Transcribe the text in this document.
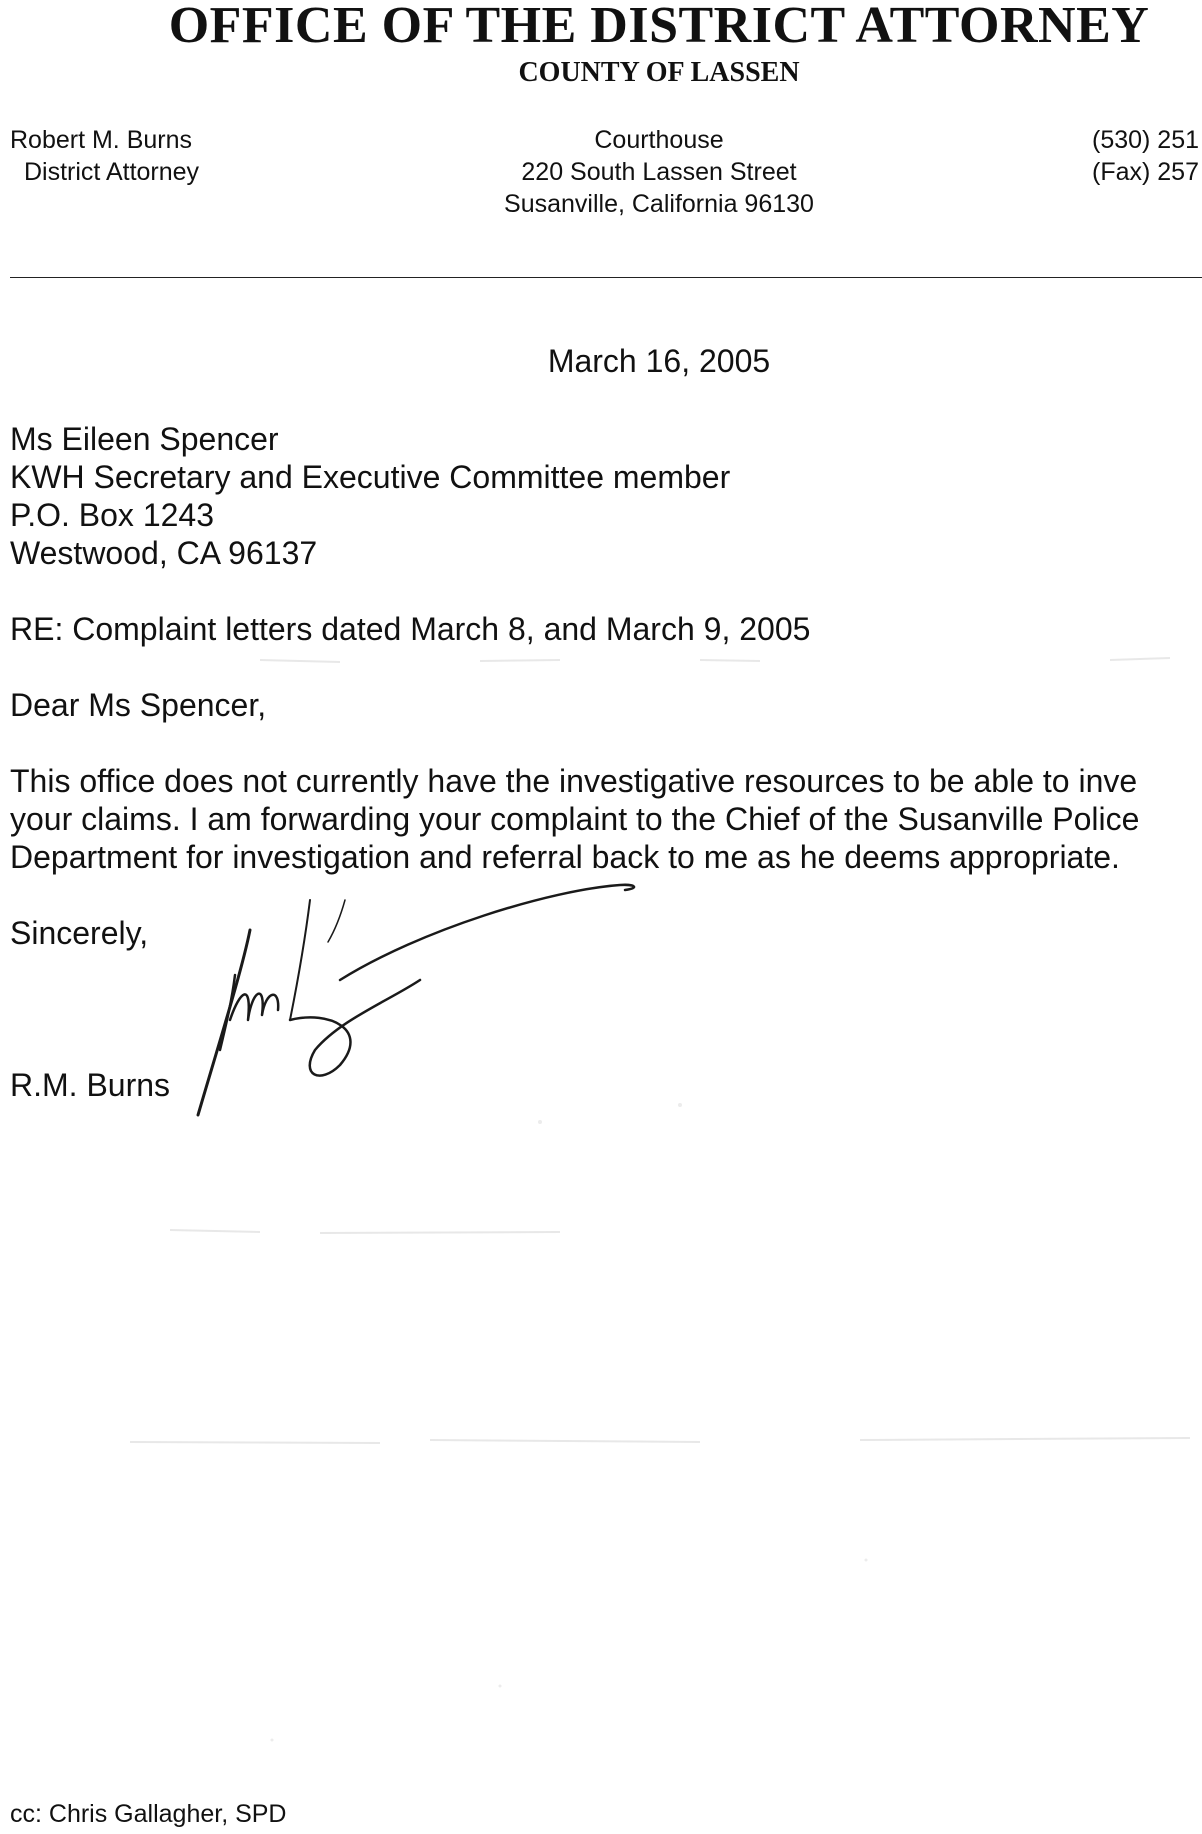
OFFICE OF THE DISTRICT ATTORNEY
COUNTY OF LASSEN
Robert M. Burns
District Attorney
Courthouse
220 South Lassen Street
Susanville, California 96130
(530) 251
(Fax) 257
March 16, 2005
Ms Eileen Spencer
KWH Secretary and Executive Committee member
P.O. Box 1243
Westwood, CA 96137
RE: Complaint letters dated March 8, and March 9, 2005
Dear Ms Spencer,
This office does not currently have the investigative resources to be able to inve
your claims. I am forwarding your complaint to the Chief of the Susanville Police
Department for investigation and referral back to me as he deems appropriate.
Sincerely,
R.M. Burns
cc: Chris Gallagher, SPD
